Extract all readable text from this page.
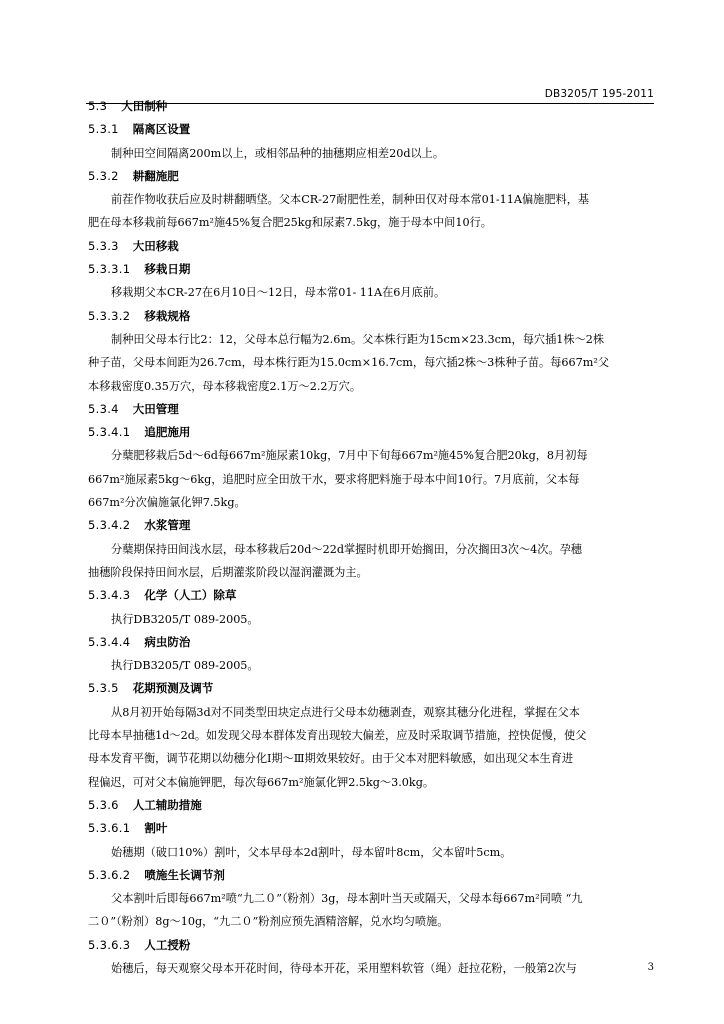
DB3205/T 195-2011
5.3 大田制种
5.3.1 隔离区设置
制种田空间隔离200m以上，或相邻品种的抽穗期应相差20d以上。
5.3.2 耕翻施肥
前茬作物收获后应及时耕翻晒垡。父本CR-27耐肥性差，制种田仅对母本常01-11A偏施肥料，基
肥在母本移栽前每667m²施45%复合肥25kg和尿素7.5kg，施于母本中间10行。
5.3.3 大田移栽
5.3.3.1 移栽日期
移栽期父本CR-27在6月10日～12日，母本常01- 11A在6月底前。
5.3.3.2 移栽规格
制种田父母本行比2：12，父母本总行幅为2.6m。父本株行距为15cm×23.3cm，每穴插1株～2株
种子苗，父母本间距为26.7cm，母本株行距为15.0cm×16.7cm，每穴插2株～3株种子苗。每667m²父
本移栽密度0.35万穴，母本移栽密度2.1万～2.2万穴。
5.3.4 大田管理
5.3.4.1 追肥施用
分蘖肥移栽后5d～6d每667m²施尿素10kg，7月中下旬每667m²施45%复合肥20kg，8月初每
667m²施尿素5kg～6kg，追肥时应全田放干水，要求将肥料施于母本中间10行。7月底前，父本每
667m²分次偏施氯化钾7.5kg。
5.3.4.2 水浆管理
分蘖期保持田间浅水层，母本移栽后20d～22d掌握时机即开始搁田，分次搁田3次～4次。孕穗
抽穗阶段保持田间水层，后期灌浆阶段以湿润灌溉为主。
5.3.4.3 化学（人工）除草
执行DB3205/T 089-2005。
5.3.4.4 病虫防治
执行DB3205/T 089-2005。
5.3.5 花期预测及调节
从8月初开始每隔3d对不同类型田块定点进行父母本幼穗剥查，观察其穗分化进程，掌握在父本
比母本早抽穗1d～2d。如发现父母本群体发育出现较大偏差，应及时采取调节措施，控快促慢，使父
母本发育平衡，调节花期以幼穗分化Ⅰ期～Ⅲ期效果较好。由于父本对肥料敏感，如出现父本生育进
程偏迟，可对父本偏施钾肥，每次每667m²施氯化钾2.5kg～3.0kg。
5.3.6 人工辅助措施
5.3.6.1 割叶
始穗期（破口10%）割叶，父本早母本2d割叶，母本留叶8cm，父本留叶5cm。
5.3.6.2 喷施生长调节剂
父本割叶后即每667m²喷“九二０”（粉剂）3g，母本割叶当天或隔天，父母本每667m²同喷 “九
二０”（粉剂）8g～10g，“九二０”粉剂应预先酒精溶解，兑水均匀喷施。
5.3.6.3 人工授粉
始穗后，每天观察父母本开花时间，待母本开花，采用塑料软管（绳）赶拉花粉，一般第2次与	3
